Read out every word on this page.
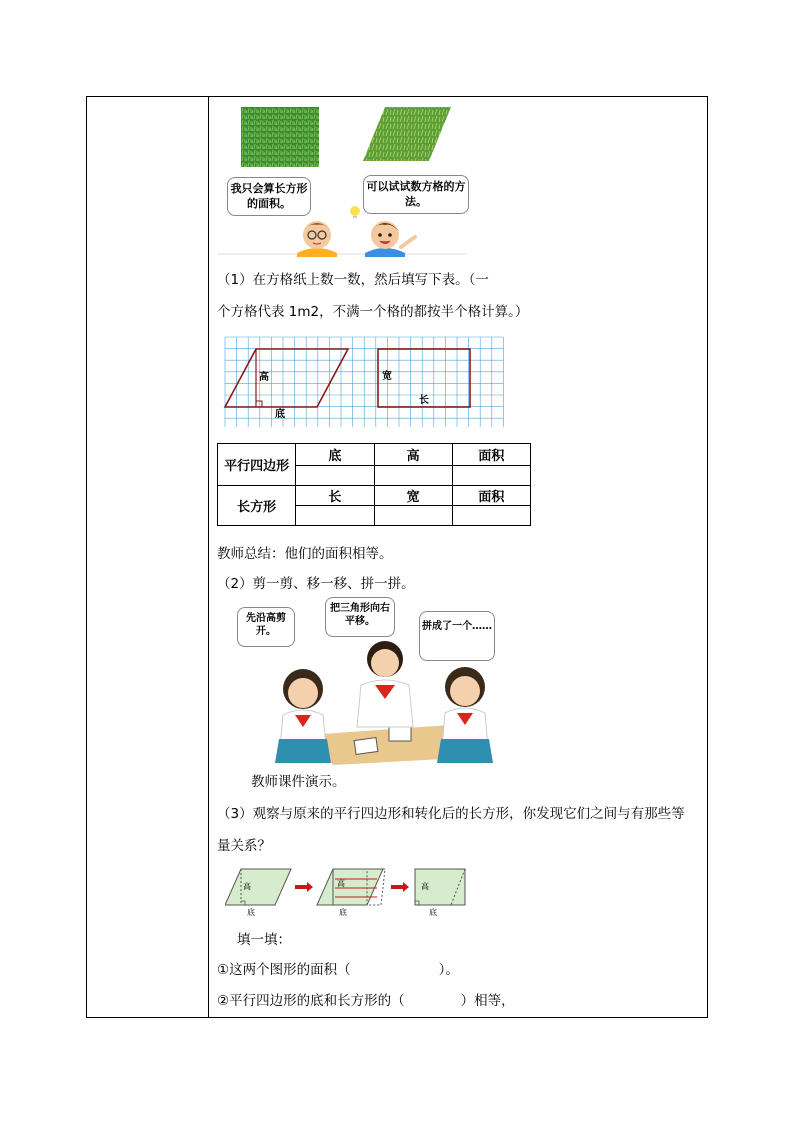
我只会算长方形的面积。
可以试试数方格的方法。
（1）在方格纸上数一数，然后填写下表。（一
个方格代表 1m2，不满一个格的都按半个格计算。）
高
底
宽
长
平行四边形	底	高	面积

长方形	长	宽	面积

教师总结：他们的面积相等。
（2）剪一剪、移一移、拼一拼。
先沿高剪开。
把三角形向右平移。	拼成了一个……
教师课件演示。
（3）观察与原来的平行四边形和转化后的长方形，你发现它们之间与有那些等
量关系？
高
底
高
底
高
底
填一填：
①这两个图形的面积（	）。
②平行四边形的底和长方形的（	）相等，
